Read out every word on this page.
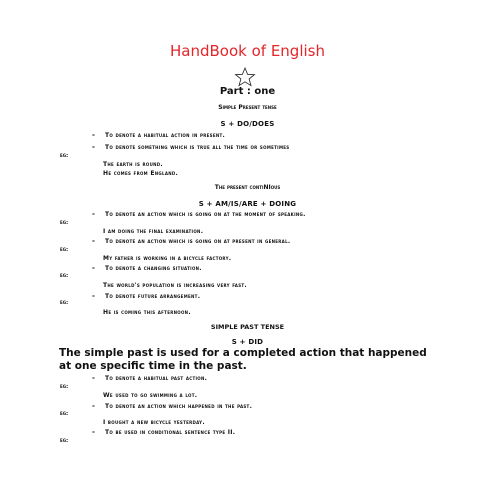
HandBook of English
Part : one
Simple Present tense
S + DO/DOES
- To denote a habitual action in present.
- To denote something which is true all the time or sometimes
eg:
The earth is round.
He comes from England.
The present contiNIous
S + AM/IS/ARE + DOING
- To denote an action which is going on at the moment of speaking.
eg:
I am doing the final examination.
- To denote an action which is going on at present in general.
eg:
My father is working in a bicycle factory.
- To denote a changing situation.
eg:
The world's population is increasing very fast.
- To denote future arrangement.
eg:
He is coming this afternoon.
SIMPLE PAST TENSE
S + DID
The simple past is used for a completed action that happened at one specific time in the past.
- To denote a habitual past action.
eg:
We used to go swimming a lot.
- To denote an action which happened in the past.
eg:
I bought a new bicycle yesterday.
- To be used in conditional sentence type II.
eg:
